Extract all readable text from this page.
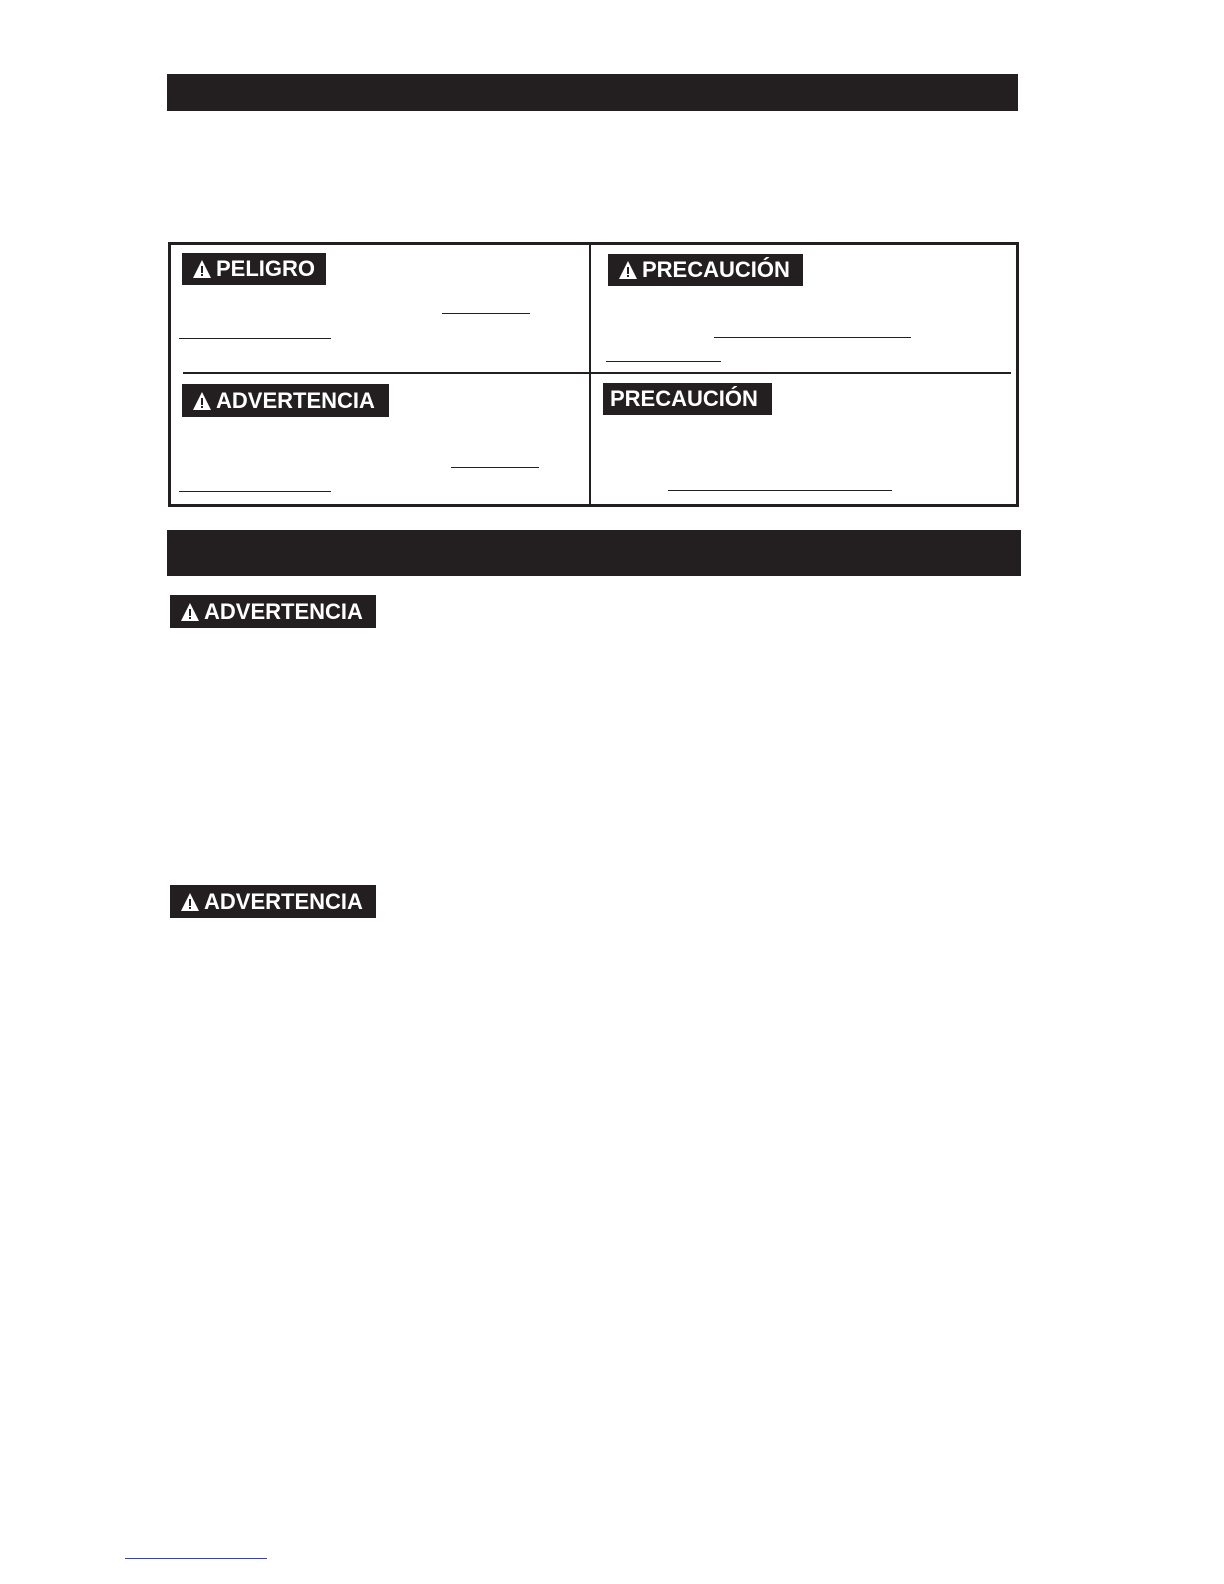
PELIGRO	PRECAUCIÓN
ADVERTENCIA	PRECAUCIÓN
ADVERTENCIA
ADVERTENCIA
